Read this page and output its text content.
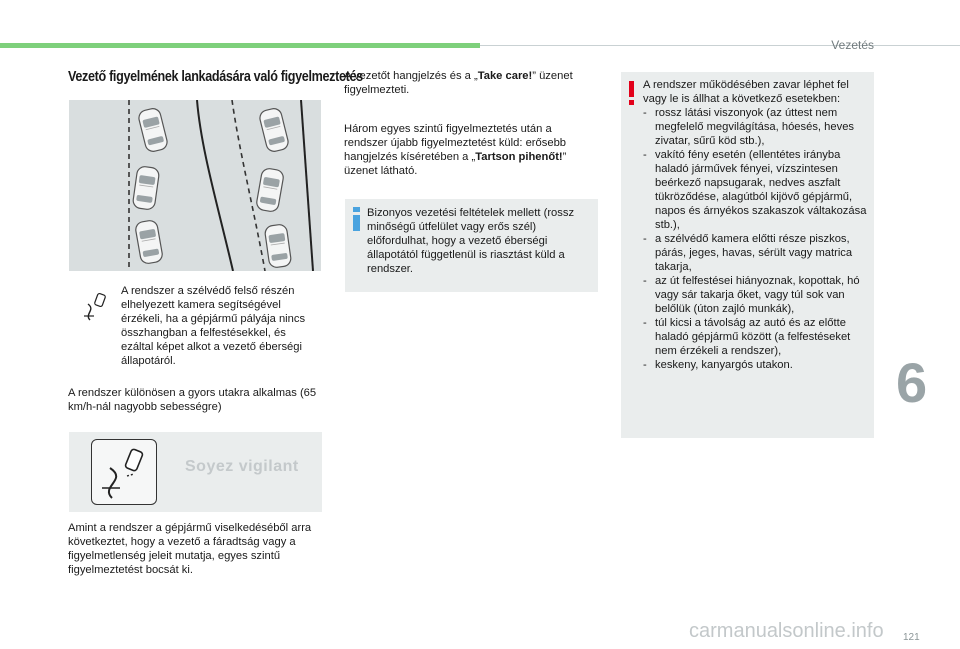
Vezetés
Vezető figyelmének lankadására való figyelmeztetés
A rendszer a szélvédő felső részén elhelyezett kamera segítségével érzékeli, ha a gépjármű pályája nincs összhangban a felfestésekkel, és ezáltal képet alkot a vezető éberségi állapotáról.
A rendszer különösen a gyors utakra alkalmas (65 km/h-nál nagyobb sebességre)
Soyez vigilant
Amint a rendszer a gépjármű viselkedéséből arra következtet, hogy a vezető a fáradtság vagy a figyelmetlenség jeleit mutatja, egyes szintű figyelmeztetést bocsát ki.
A vezetőt hangjelzés és a „Take care!” üzenet figyelmezteti.
Három egyes szintű figyelmeztetés után a rendszer újabb figyelmeztetést küld: erősebb hangjelzés kíséretében a „Tartson pihenőt!” üzenet látható.
Bizonyos vezetési feltételek mellett (rossz minőségű útfelület vagy erős szél) előfordulhat, hogy a vezető éberségi állapotától függetlenül is riasztást küld a rendszer.
A rendszer működésében zavar léphet fel vagy le is állhat a következő esetekben:
- rossz látási viszonyok (az úttest nem megfelelő megvilágítása, hóesés, heves zivatar, sűrű köd stb.),
- vakító fény esetén (ellentétes irányba haladó járművek fényei, vízszintesen beérkező napsugarak, nedves aszfalt tükröződése, alagútból kijövő gépjármű, napos és árnyékos szakaszok váltakozása stb.),
- a szélvédő kamera előtti része piszkos, párás, jeges, havas, sérült vagy matrica takarja,
- az út felfestései hiányoznak, kopottak, hó vagy sár takarja őket, vagy túl sok van belőlük (úton zajló munkák),
- túl kicsi a távolság az autó és az előtte haladó gépjármű között (a felfestéseket nem érzékeli a rendszer),
- keskeny, kanyargós utakon.	6
carmanualsonline.info 121
